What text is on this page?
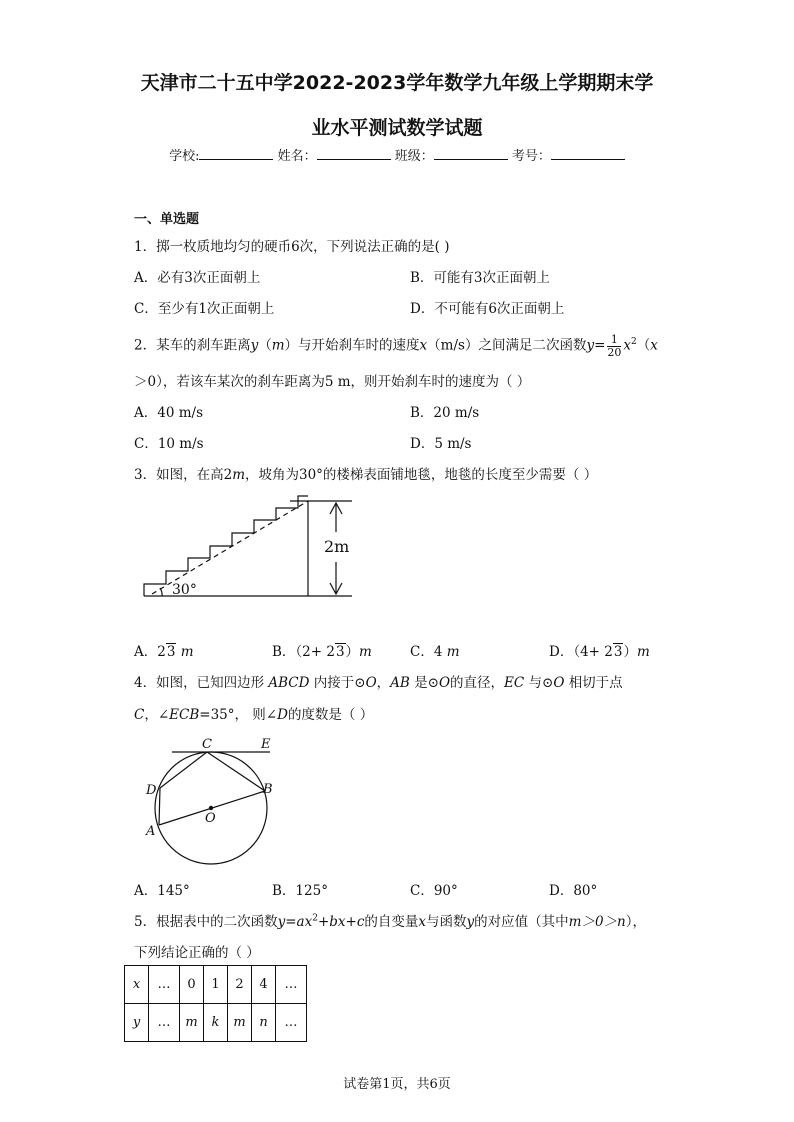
天津市二十五中学2022-2023学年数学九年级上学期期末学
业水平测试数学试题
学校:	姓名：	班级：	考号：
一、单选题
1．掷一枚质地均匀的硬币6次，下列说法正确的是( )
A．必有3次正面朝上	B．可能有3次正面朝上
C．至少有1次正面朝上	D．不可能有6次正面朝上
2．某车的刹车距离y（m）与开始刹车时的速度x（m/s）之间满足二次函数$y= \frac{1}{20} x^2(x$
＞0），若该车某次的刹车距离为5 m，则开始刹车时的速度为（ ）
A．40 m/s	B．20 m/s
C．10 m/s	D．5 m/s
3．如图，在高2m，坡角为30°的楼梯表面铺地毯，地毯的长度至少需要（ ）
2m
30°
A．23 m	B．（2+ 23）m	C．4 m	D．（4+ 23）m
4．如图，已知四边形 ABCD 内接于⊙O，AB 是⊙O的直径，EC 与⊙O 相切于点
C，∠ECB=35°， 则∠D的度数是（ ）
C	E
D	B
O
A
A．145°	B．125°	C．90°	D．80°
5．根据表中的二次函数$y=ax^2+bx+c$的自变量x与函数y的对应值（其中m＞0＞n），
下列结论正确的（ ）
x	…	0	1	2	4	…
y	…	m	k	m	n	…
试卷第1页，共6页
